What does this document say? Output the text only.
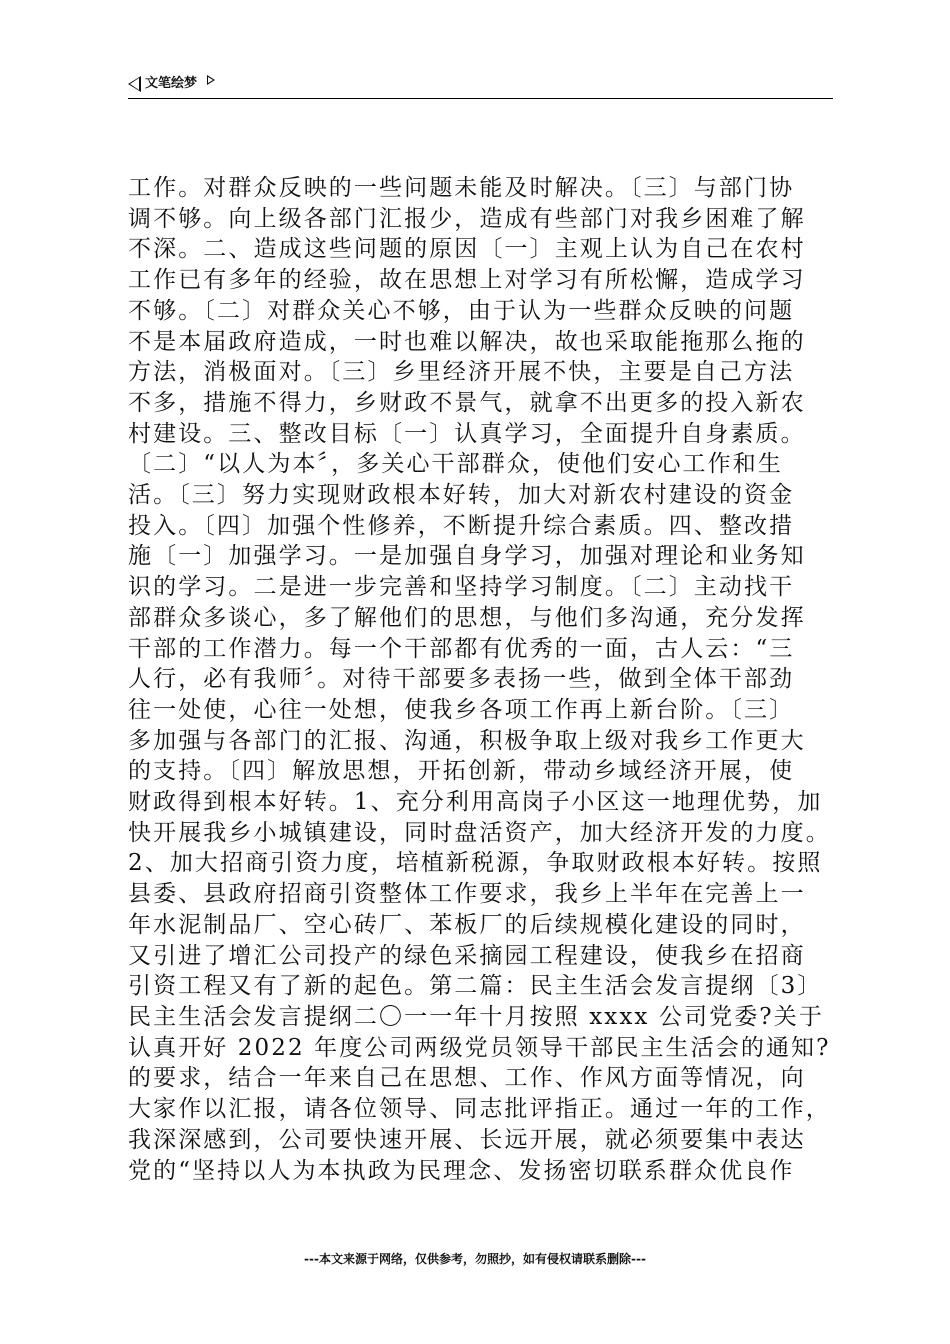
文笔绘梦
工作。对群众反映的一些问题未能及时解决。〔三〕与部门协
调不够。向上级各部门汇报少，造成有些部门对我乡困难了解
不深。二、造成这些问题的原因〔一〕主观上认为自己在农村
工作已有多年的经验，故在思想上对学习有所松懈，造成学习
不够。〔二〕对群众关心不够，由于认为一些群众反映的问题
不是本届政府造成，一时也难以解决，故也采取能拖那么拖的
方法，消极面对。〔三〕乡里经济开展不快，主要是自己方法
不多，措施不得力，乡财政不景气，就拿不出更多的投入新农
村建设。三、整改目标〔一〕认真学习，全面提升自身素质。
〔二〕“以人为本〞，多关心干部群众，使他们安心工作和生
活。〔三〕努力实现财政根本好转，加大对新农村建设的资金
投入。〔四〕加强个性修养，不断提升综合素质。四、整改措
施〔一〕加强学习。一是加强自身学习，加强对理论和业务知
识的学习。二是进一步完善和坚持学习制度。〔二〕主动找干
部群众多谈心，多了解他们的思想，与他们多沟通，充分发挥
干部的工作潜力。每一个干部都有优秀的一面，古人云：“三
人行，必有我师〞。对待干部要多表扬一些，做到全体干部劲
往一处使，心往一处想，使我乡各项工作再上新台阶。〔三〕
多加强与各部门的汇报、沟通，积极争取上级对我乡工作更大
的支持。〔四〕解放思想，开拓创新，带动乡域经济开展，使
财政得到根本好转。1、充分利用高岗子小区这一地理优势，加
快开展我乡小城镇建设，同时盘活资产，加大经济开发的力度。
2、加大招商引资力度，培植新税源，争取财政根本好转。按照
县委、县政府招商引资整体工作要求，我乡上半年在完善上一
年水泥制品厂、空心砖厂、苯板厂的后续规模化建设的同时，
又引进了增汇公司投产的绿色采摘园工程建设，使我乡在招商
引资工程又有了新的起色。第二篇：民主生活会发言提纲〔3〕
民主生活会发言提纲二〇一一年十月按照 xxxx 公司党委?关于
认真开好 2022 年度公司两级党员领导干部民主生活会的通知?
的要求，结合一年来自己在思想、工作、作风方面等情况，向
大家作以汇报，请各位领导、同志批评指正。通过一年的工作，
我深深感到，公司要快速开展、长远开展，就必须要集中表达
党的“坚持以人为本执政为民理念、发扬密切联系群众优良作
---本文来源于网络，仅供参考，勿照抄，如有侵权请联系删除---
